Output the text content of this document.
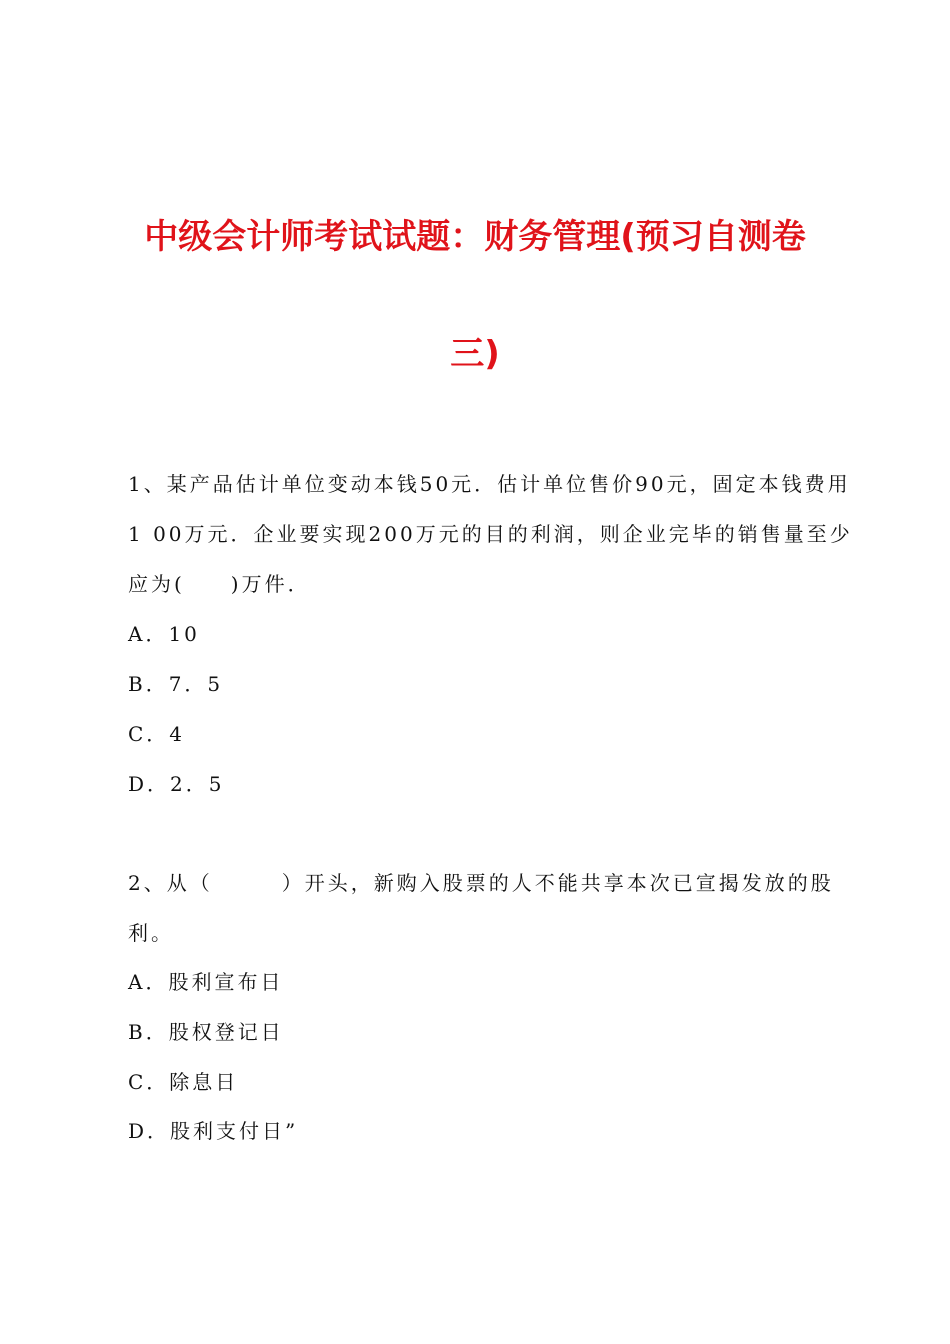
中级会计师考试试题：财务管理(预习自测卷
三)
1、某产品估计单位变动本钱50元．估计单位售价90元，固定本钱费用
1 00万元．企业要实现200万元的目的利润，则企业完毕的销售量至少
应为(　　)万件．
A．10
B．7．5
C．4
D．2．5
2、从（　　　）开头，新购入股票的人不能共享本次已宣揭发放的股
利。
A．股利宣布日
B．股权登记日
C．除息日
D．股利支付日”
